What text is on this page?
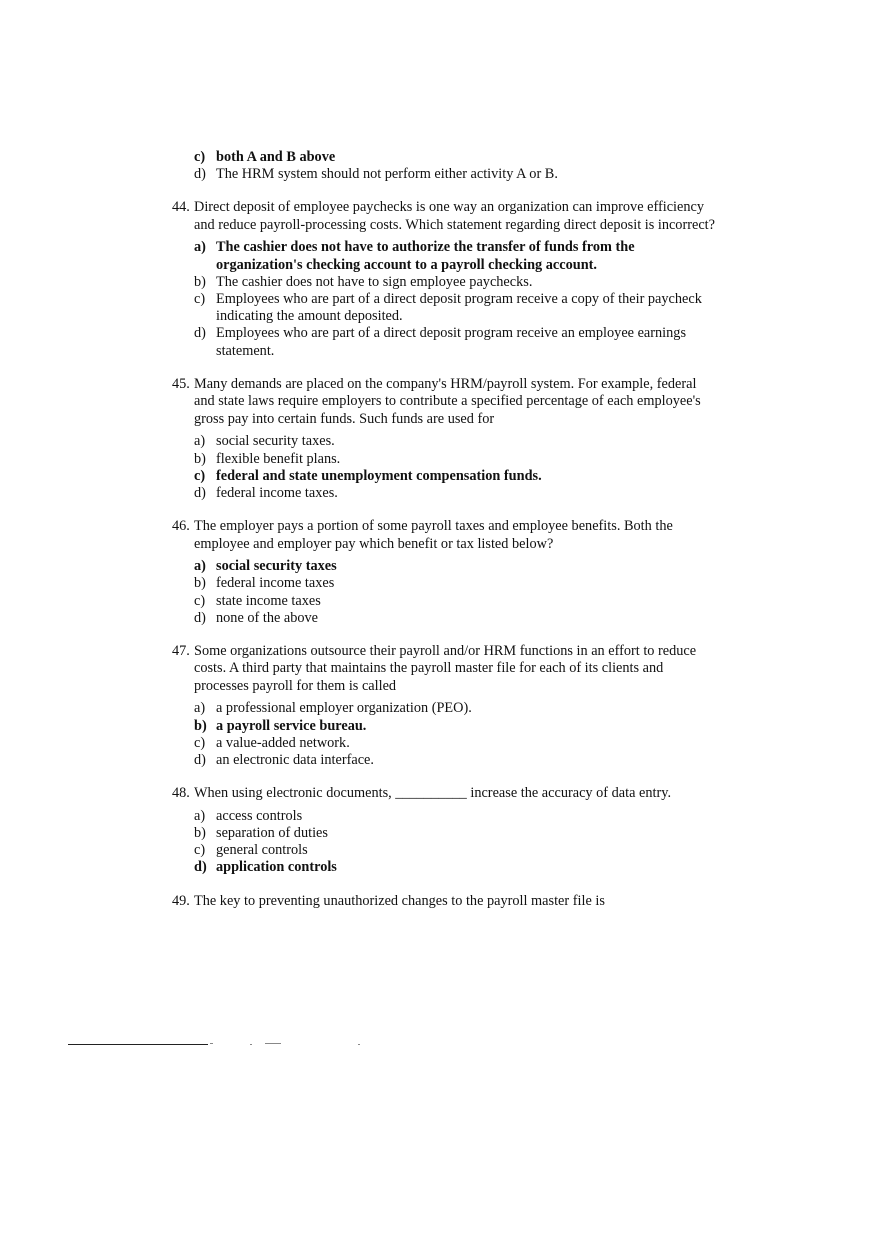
c) both A and B above
d) The HRM system should not perform either activity A or B.
44. Direct deposit of employee paychecks is one way an organization can improve efficiency and reduce payroll-processing costs. Which statement regarding direct deposit is incorrect?
a) The cashier does not have to authorize the transfer of funds from the organization's checking account to a payroll checking account.
b) The cashier does not have to sign employee paychecks.
c) Employees who are part of a direct deposit program receive a copy of their paycheck indicating the amount deposited.
d) Employees who are part of a direct deposit program receive an employee earnings statement.
45. Many demands are placed on the company's HRM/payroll system. For example, federal and state laws require employers to contribute a specified percentage of each employee's gross pay into certain funds. Such funds are used for
a) social security taxes.
b) flexible benefit plans.
c) federal and state unemployment compensation funds.
d) federal income taxes.
46. The employer pays a portion of some payroll taxes and employee benefits. Both the employee and employer pay which benefit or tax listed below?
a) social security taxes
b) federal income taxes
c) state income taxes
d) none of the above
47. Some organizations outsource their payroll and/or HRM functions in an effort to reduce costs. A third party that maintains the payroll master file for each of its clients and processes payroll for them is called
a) a professional employer organization (PEO).
b) a payroll service bureau.
c) a value-added network.
d) an electronic data interface.
48. When using electronic documents, __________ increase the accuracy of data entry.
a) access controls
b) separation of duties
c) general controls
d) application controls
49. The key to preventing unauthorized changes to the payroll master file is
